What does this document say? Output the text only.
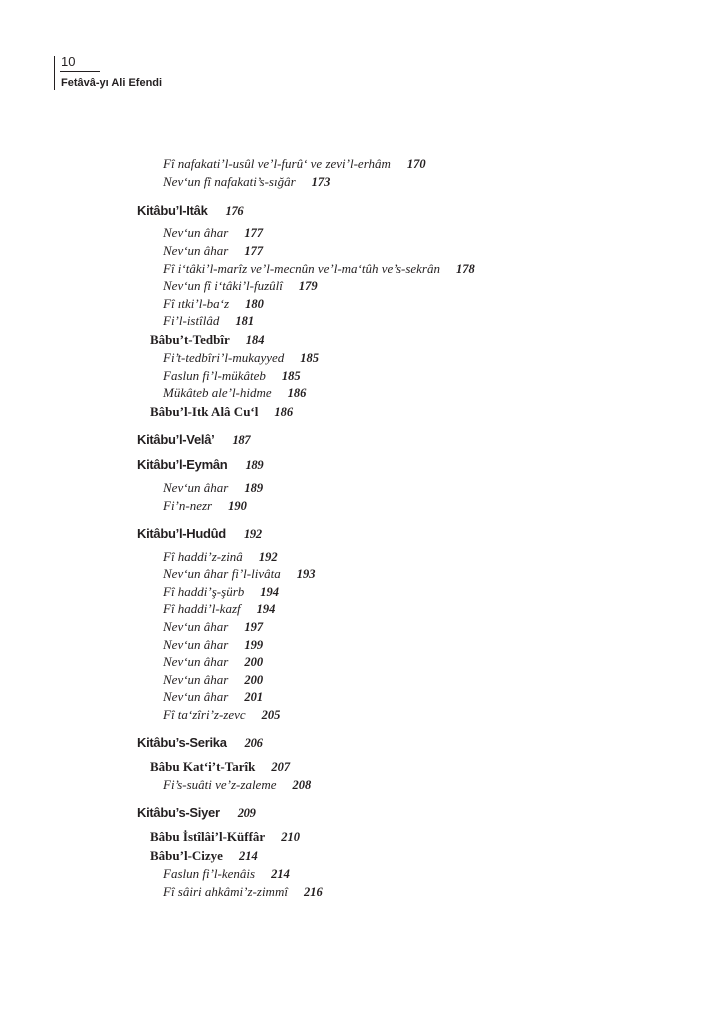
10
Fetâvâ-yı Ali Efendi
Fî nafakati’l-usûl ve’l-furû‘ ve zevi’l-erhâm 170
Nev‘un fî nafakati’s-sığâr 173
Kitâbu’l-Itâk 176
Nev‘un âhar 177
Nev‘un âhar 177
Fî i‘tâki’l-marîz ve’l-mecnûn ve’l-ma‘tûh ve’s-sekrân 178
Nev‘un fî i‘tâki’l-fuzûlî 179
Fî ıtki’l-ba‘z 180
Fi’l-istîlâd 181
Bâbu’t-Tedbîr 184
Fi’t-tedbîri’l-mukayyed 185
Faslun fi’l-mükâteb 185
Mükâteb ale’l-hidme 186
Bâbu’l-Itk Alâ Cu‘l 186
Kitâbu’l-Velâ’ 187
Kitâbu’l-Eymân 189
Nev‘un âhar 189
Fi’n-nezr 190
Kitâbu’l-Hudûd 192
Fî haddi’z-zinâ 192
Nev‘un âhar fi’l-livâta 193
Fî haddi’ş-şürb 194
Fî haddi’l-kazf 194
Nev‘un âhar 197
Nev‘un âhar 199
Nev‘un âhar 200
Nev‘un âhar 200
Nev‘un âhar 201
Fî ta‘zîri’z-zevc 205
Kitâbu’s-Serika 206
Bâbu Kat‘i’t-Tarîk 207
Fi’s-suâti ve’z-zaleme 208
Kitâbu’s-Siyer 209
Bâbu İstîlâi’l-Küffâr 210
Bâbu’l-Cizye 214
Faslun fi’l-kenâis 214
Fî sâiri ahkâmi’z-zimmî 216
